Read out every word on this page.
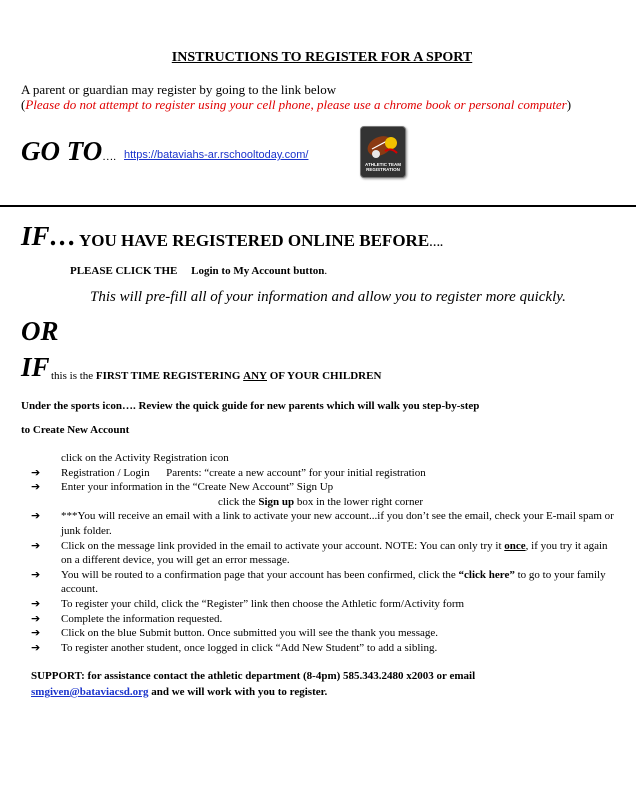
INSTRUCTIONS TO REGISTER FOR A SPORT
A parent or guardian may register by going to the link below
(Please do not attempt to register using your cell phone, please use a chrome book or personal computer)
GO TO…. https://bataviahs-ar.rschooltoday.com/
ATHLETIC TEAM REGISTRATION
IF… YOU HAVE REGISTERED ONLINE BEFORE….
PLEASE CLICK THE Login to My Account button.
This will pre-fill all of your information and allow you to register more quickly.
OR
IF this is the FIRST TIME REGISTERING ANY OF YOUR CHILDREN
Under the sports icon…. Review the quick guide for new parents which will walk you step-by-step
to Create New Account
click on the Activity Registration icon
➔ Registration / Login      Parents: “create a new account” for your initial registration
➔ Enter your information in the “Create New Account” Sign Up
click the Sign up box in the lower right corner
➔ ***You will receive an email with a link to activate your new account...if you don’t see the email, check your E-mail spam or junk folder.
➔ Click on the message link provided in the email to activate your account. NOTE: You can only try it once, if you try it again on a different device, you will get an error message.
➔ You will be routed to a confirmation page that your account has been confirmed, click the “click here” to go to your family account.
➔ To register your child, click the “Register” link then choose the Athletic form/Activity form
➔ Complete the information requested.
➔ Click on the blue Submit button. Once submitted you will see the thank you message.
➔ To register another student, once logged in click “Add New Student” to add a sibling.
SUPPORT: for assistance contact the athletic department (8-4pm) 585.343.2480 x2003 or email
smgiven@bataviacsd.org and we will work with you to register.
